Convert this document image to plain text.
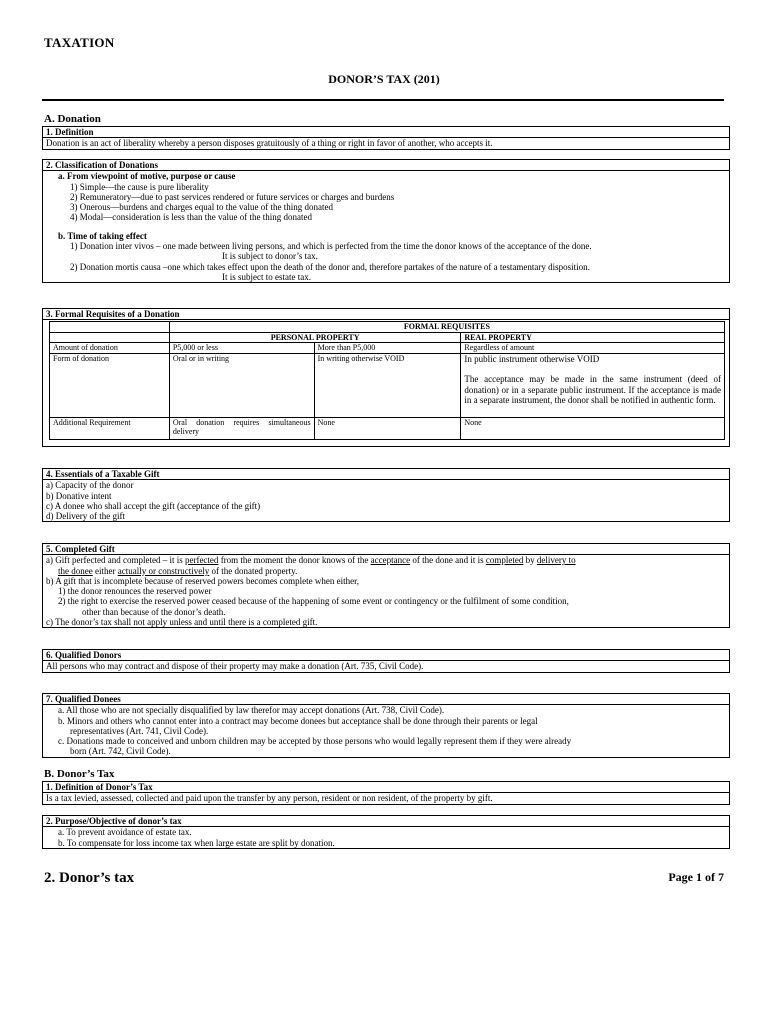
TAXATION
DONOR’S TAX (201)
A. Donation
1. Definition
Donation is an act of liberality whereby a person disposes gratuitously of a thing or right in favor of another, who accepts it.
2. Classification of Donations
a. From viewpoint of motive, purpose or cause
1) Simple—the cause is pure liberality
2) Remuneratory—due to past services rendered or future services or charges and burdens
3) Onerous—burdens and charges equal to the value of the thing donated
4) Modal—consideration is less than the value of the thing donated
b. Time of taking effect
1) Donation inter vivos – one made between living persons, and which is perfected from the time the donor knows of the acceptance of the done.
It is subject to donor’s tax.
2) Donation mortis causa –one which takes effect upon the death of the donor and, therefore partakes of the nature of a testamentary disposition.
It is subject to estate tax.
3. Formal Requisites of a Donation
	FORMAL REQUISITES		
	PERSONAL PROPERTY		REAL PROPERTY
Amount of donation	P5,000 or less	More than P5,000	Regardless of amount
Form of donation	Oral or in writing	In writing otherwise VOID	In public instrument otherwise VOID
The acceptance may be made in the same instrument (deed of donation) or in a separate public instrument. If the acceptance is made in a separate instrument, the donor shall be notified in authentic form.

Additional Requirement	Oral donation requires simultaneous delivery	None	None
4. Essentials of a Taxable Gift
a) Capacity of the donor
b) Donative intent
c) A donee who shall accept the gift (acceptance of the gift)
d) Delivery of the gift
5. Completed Gift
a) Gift perfected and completed – it is perfected from the moment the donor knows of the acceptance of the done and it is completed by delivery to
the donee either actually or constructively of the donated property.
b) A gift that is incomplete because of reserved powers becomes complete when either,
1) the donor renounces the reserved power
2) the right to exercise the reserved power ceased because of the happening of some event or contingency or the fulfilment of some condition,
other than because of the donor’s death.
c) The donor’s tax shall not apply unless and until there is a completed gift.
6. Qualified Donors
All persons who may contract and dispose of their property may make a donation (Art. 735, Civil Code).
7. Qualified Donees
a. All those who are not specially disqualified by law therefor may accept donations (Art. 738, Civil Code).
b. Minors and others who cannot enter into a contract may become donees but acceptance shall be done through their parents or legal
representatives (Art. 741, Civil Code).
c. Donations made to conceived and unborn children may be accepted by those persons who would legally represent them if they were already
born (Art. 742, Civil Code).
B. Donor’s Tax
1. Definition of Donor’s Tax
Is a tax levied, assessed, collected and paid upon the transfer by any person, resident or non resident, of the property by gift.
2. Purpose/Objective of donor’s tax
a. To prevent avoidance of estate tax.
b. To compensate for loss income tax when large estate are split by donation.
2. Donor’s tax	Page 1 of 7
